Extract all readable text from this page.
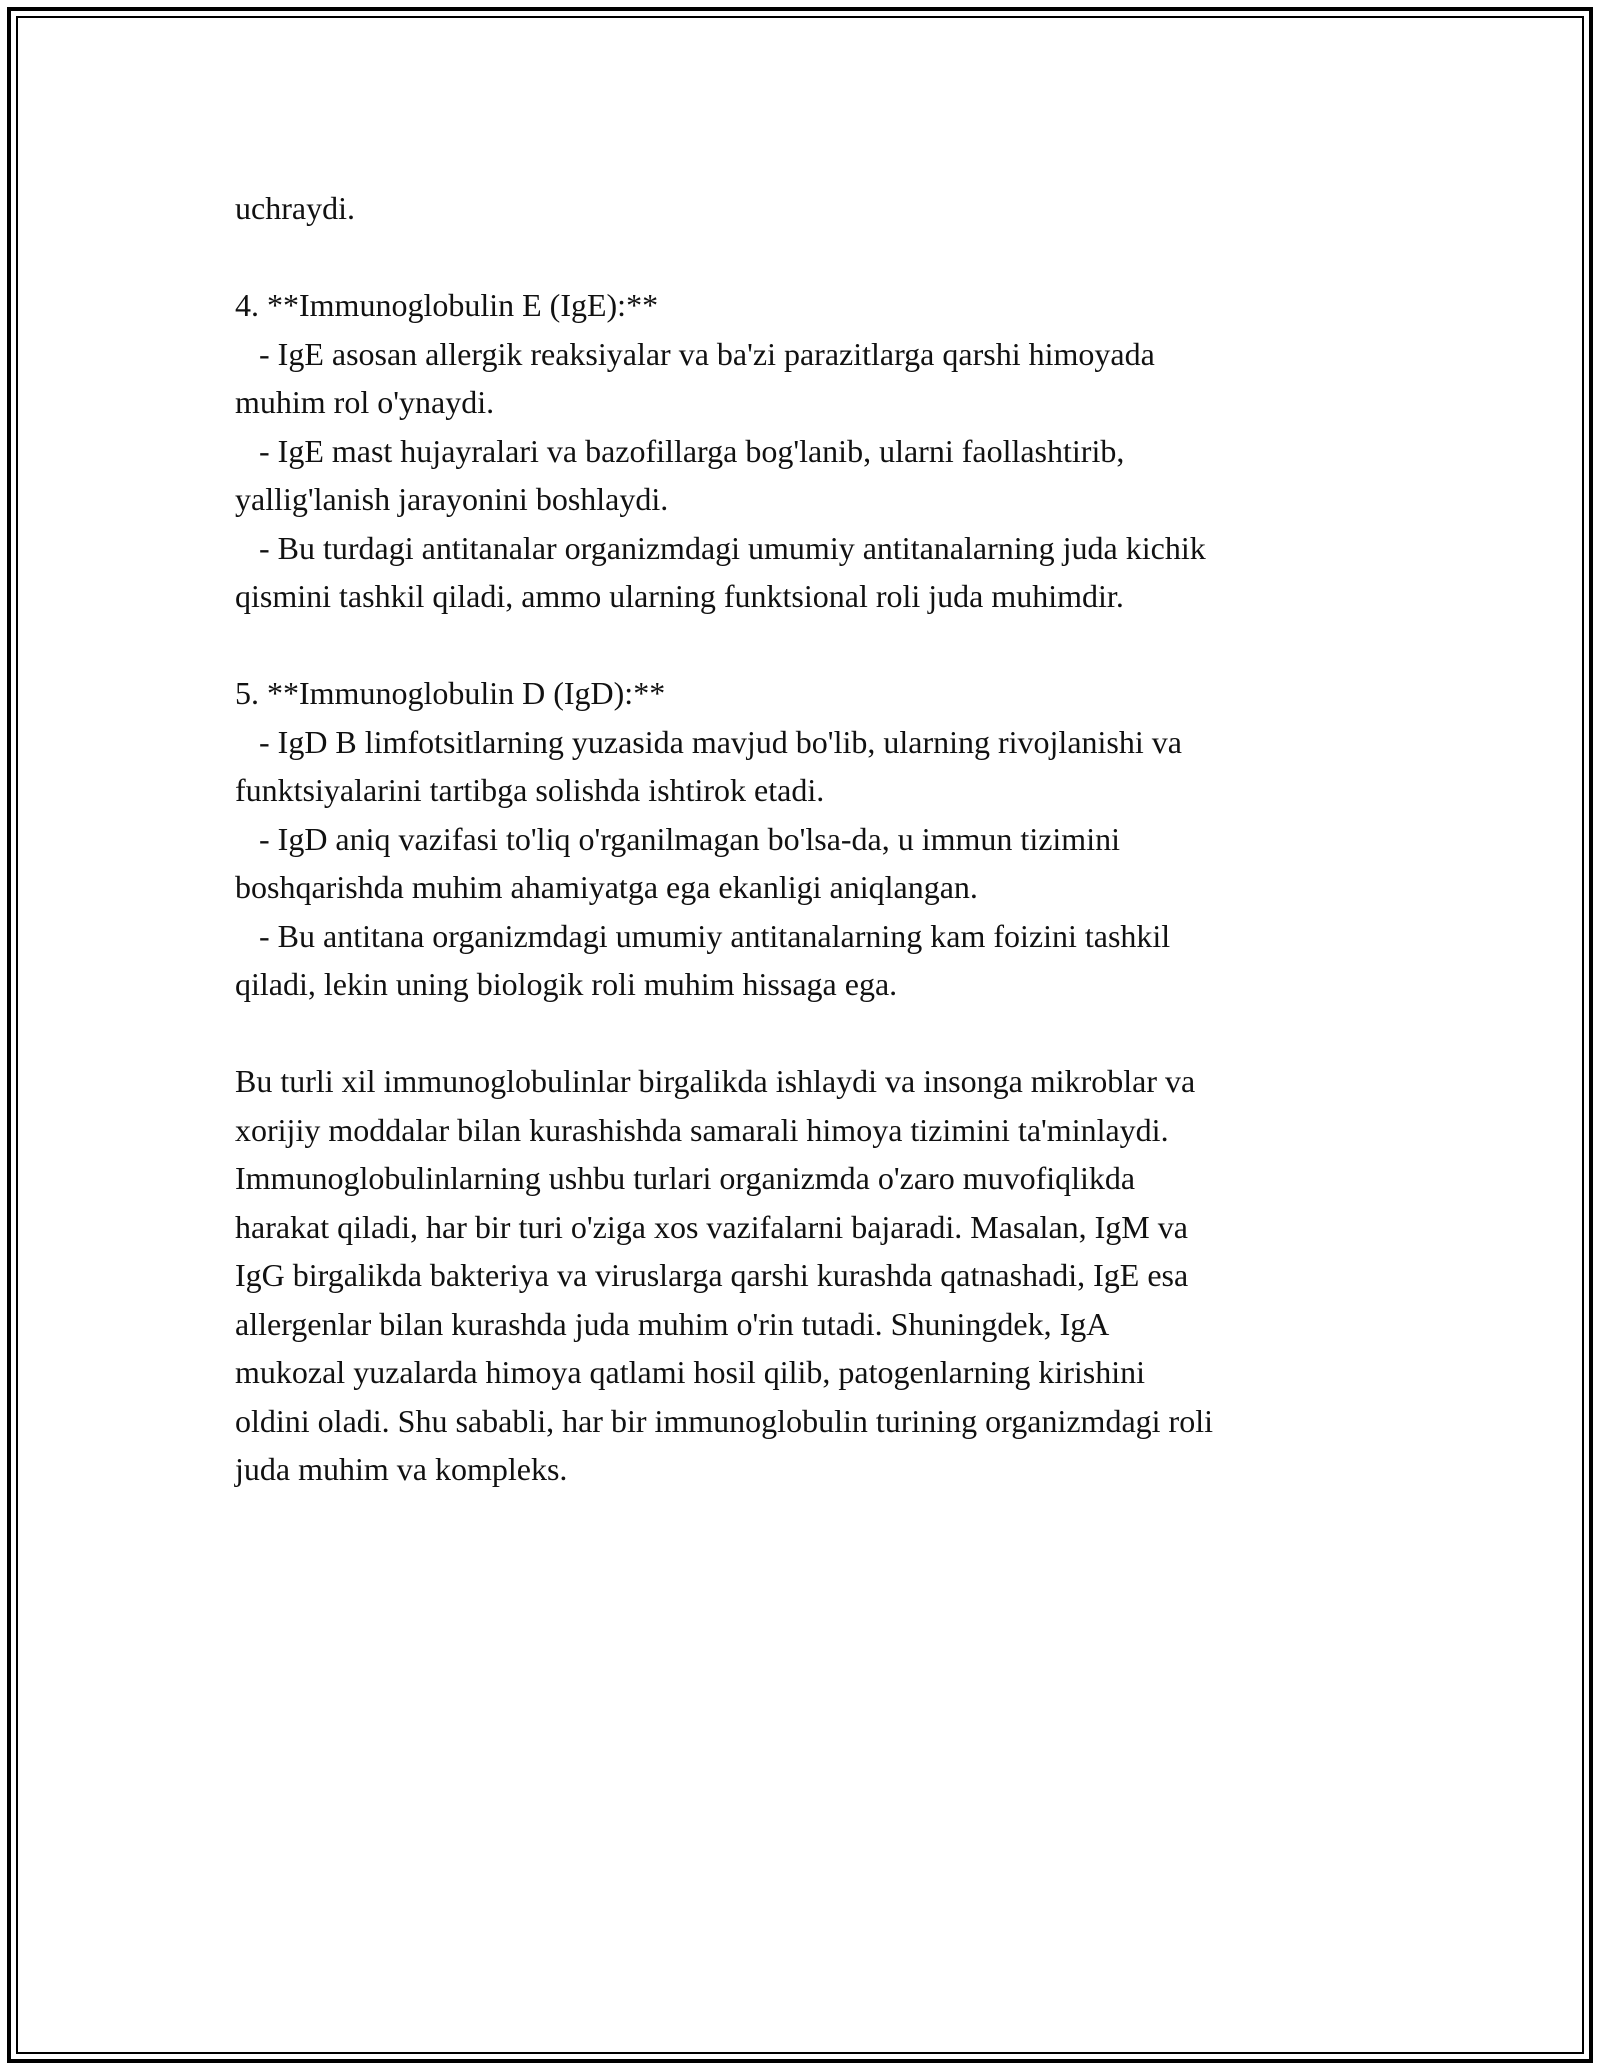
uchraydi.
4. **Immunoglobulin E (IgE):**
- IgE asosan allergik reaksiyalar va ba'zi parazitlarga qarshi himoyada
muhim rol o'ynaydi.
- IgE mast hujayralari va bazofillarga bog'lanib, ularni faollashtirib,
yallig'lanish jarayonini boshlaydi.
- Bu turdagi antitanalar organizmdagi umumiy antitanalarning juda kichik
qismini tashkil qiladi, ammo ularning funktsional roli juda muhimdir.
5. **Immunoglobulin D (IgD):**
- IgD B limfotsitlarning yuzasida mavjud bo'lib, ularning rivojlanishi va
funktsiyalarini tartibga solishda ishtirok etadi.
- IgD aniq vazifasi to'liq o'rganilmagan bo'lsa-da, u immun tizimini
boshqarishda muhim ahamiyatga ega ekanligi aniqlangan.
- Bu antitana organizmdagi umumiy antitanalarning kam foizini tashkil
qiladi, lekin uning biologik roli muhim hissaga ega.
Bu turli xil immunoglobulinlar birgalikda ishlaydi va insonga mikroblar va
xorijiy moddalar bilan kurashishda samarali himoya tizimini ta'minlaydi.
Immunoglobulinlarning ushbu turlari organizmda o'zaro muvofiqlikda
harakat qiladi, har bir turi o'ziga xos vazifalarni bajaradi. Masalan, IgM va
IgG birgalikda bakteriya va viruslarga qarshi kurashda qatnashadi, IgE esa
allergenlar bilan kurashda juda muhim o'rin tutadi. Shuningdek, IgA
mukozal yuzalarda himoya qatlami hosil qilib, patogenlarning kirishini
oldini oladi. Shu sababli, har bir immunoglobulin turining organizmdagi roli
juda muhim va kompleks.
